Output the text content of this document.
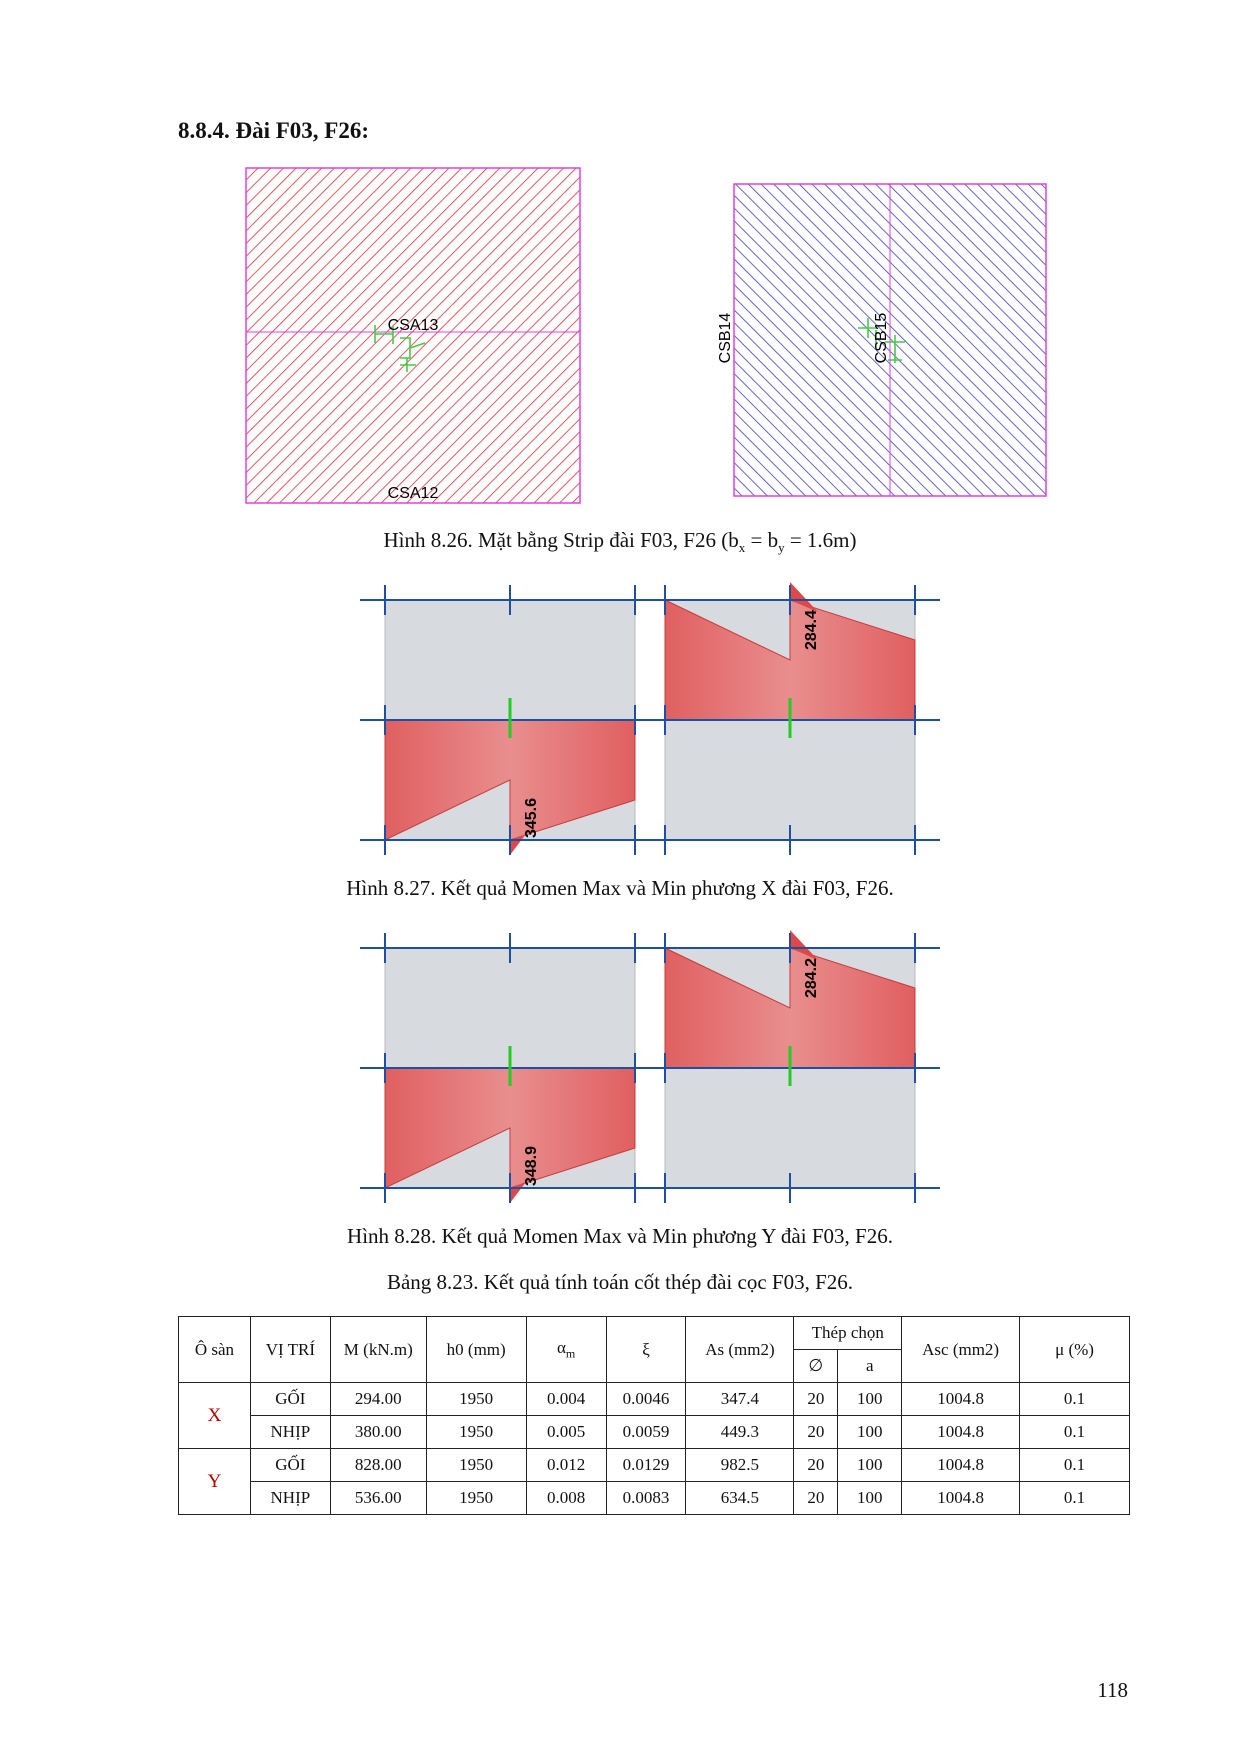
8.8.4. Đài F03, F26:
CSA13
CSA12
CSB14	CSB15
Hình 8.26. Mặt bằng Strip đài F03, F26 $(b_x = b_y = 1.6m)$
345.6
284.4
Hình 8.27. Kết quả Momen Max và Min phương X đài F03, F26.
348.9
284.2
Hình 8.28. Kết quả Momen Max và Min phương Y đài F03, F26.
Bảng 8.23. Kết quả tính toán cốt thép đài cọc F03, F26.
Ô sàn	VỊ TRÍ	M (kN.m)	h0 (mm)	$\alpha_m$	ξ	As (mm2)	Thép chọn		Asc (mm2)	μ (%)
							∅	a		
X	GỐI	294.00	1950	0.004	0.0046	347.4	20	100	1004.8	0.1
	NHỊP	380.00	1950	0.005	0.0059	449.3	20	100	1004.8	0.1
Y	GỐI	828.00	1950	0.012	0.0129	982.5	20	100	1004.8	0.1
	NHỊP	536.00	1950	0.008	0.0083	634.5	20	100	1004.8	0.1
118
